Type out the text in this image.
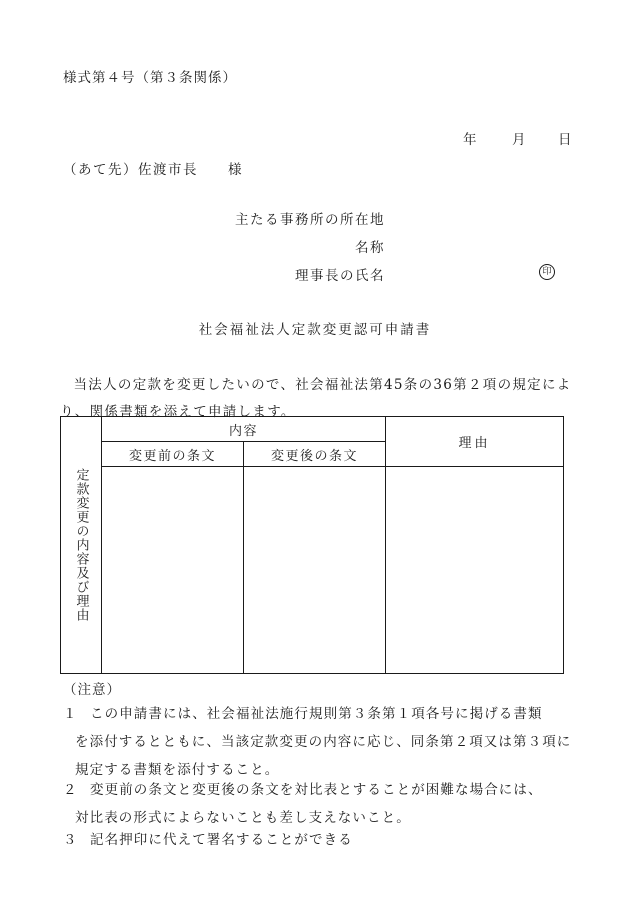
様式第４号（第３条関係）
年	月 日
（あて先）佐渡市長　　様
主たる事務所の所在地
名称
理事長の氏名	印
社会福祉法人定款変更認可申請書
当法人の定款を変更したいので、社会福祉法第45条の36第２項の規定により、関係書類を添えて申請します。
定款変更の内容及び理由	内容		理由
	変更前の条文	変更後の条文	

（注意）
１ この申請書には、社会福祉法施行規則第３条第１項各号に掲げる書類
を添付するとともに、当該定款変更の内容に応じ、同条第２項又は第３項に規定する書類を添付すること。
２ 変更前の条文と変更後の条文を対比表とすることが困難な場合には、
対比表の形式によらないことも差し支えないこと。
３ 記名押印に代えて署名することができる
